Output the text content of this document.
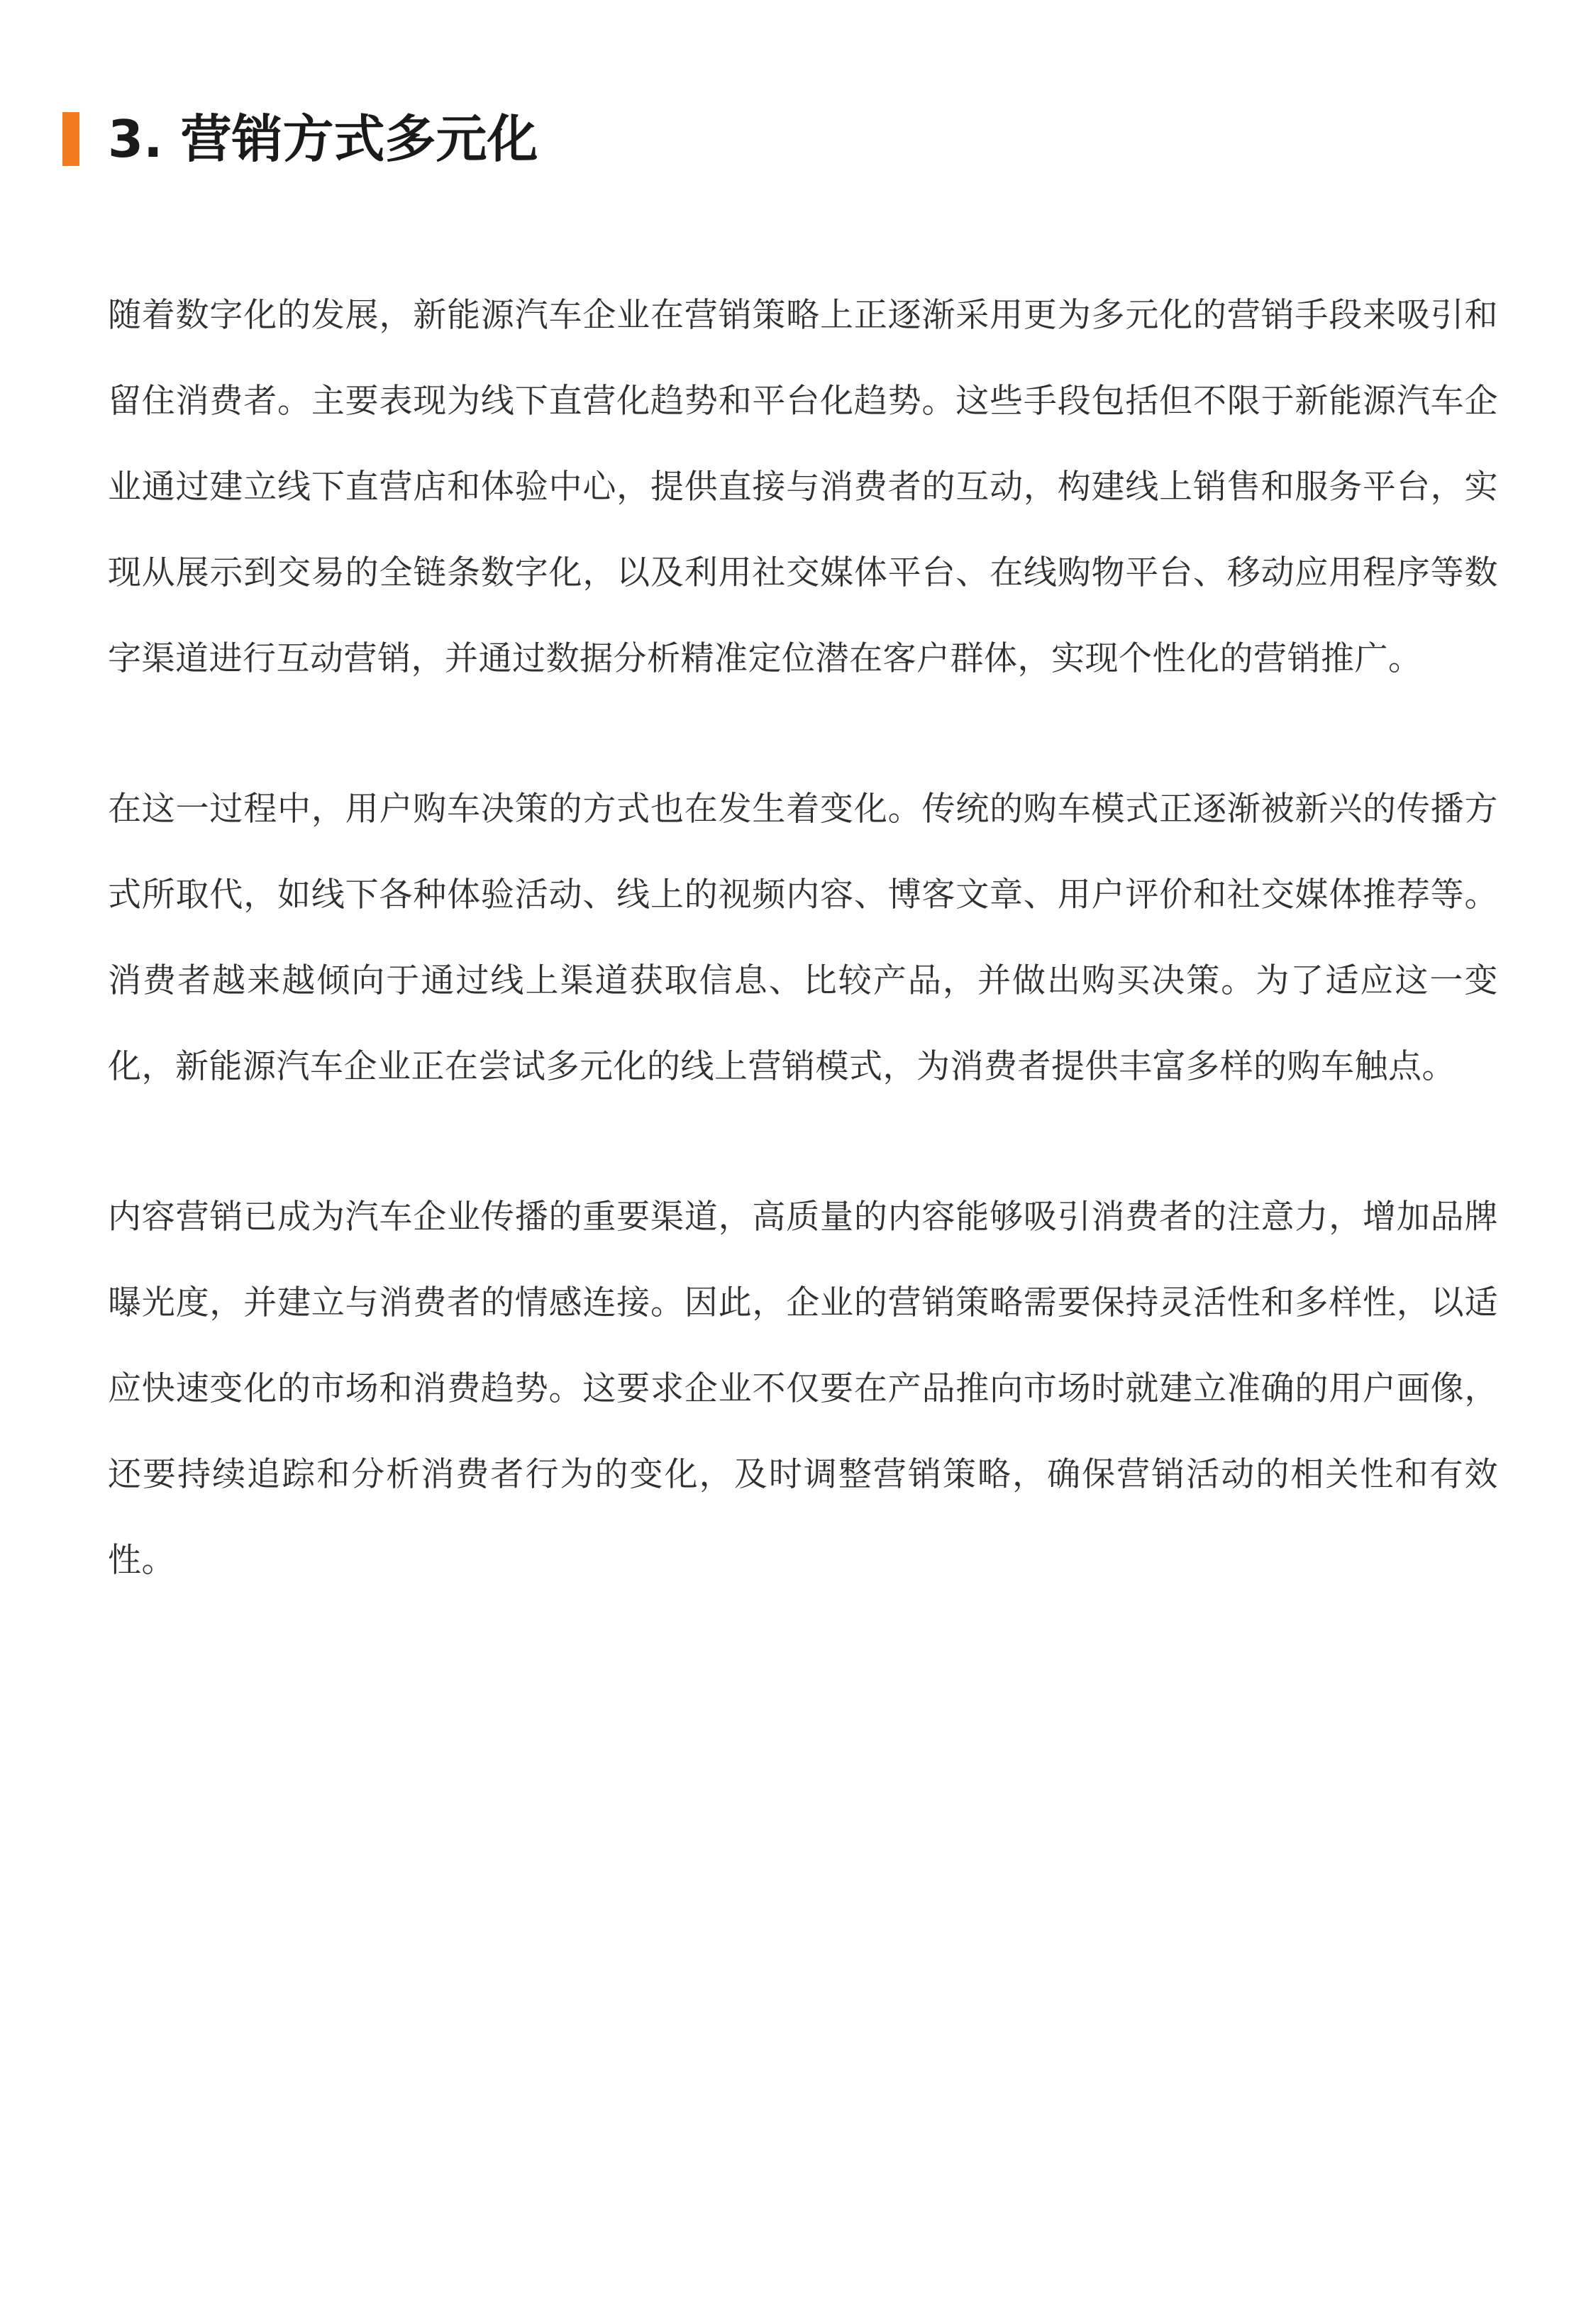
3. 营销方式多元化

随着数字化的发展，新能源汽车企业在营销策略上正逐渐采用更为多元化的营销手段来吸引和留住消费者。主要表现为线下直营化趋势和平台化趋势。这些手段包括但不限于新能源汽车企业通过建立线下直营店和体验中心，提供直接与消费者的互动，构建线上销售和服务平台，实现从展示到交易的全链条数字化，以及利用社交媒体平台、在线购物平台、移动应用程序等数字渠道进行互动营销，并通过数据分析精准定位潜在客户群体，实现个性化的营销推广。

在这一过程中，用户购车决策的方式也在发生着变化。传统的购车模式正逐渐被新兴的传播方式所取代，如线下各种体验活动、线上的视频内容、博客文章、用户评价和社交媒体推荐等。消费者越来越倾向于通过线上渠道获取信息、比较产品，并做出购买决策。为了适应这一变化，新能源汽车企业正在尝试多元化的线上营销模式，为消费者提供丰富多样的购车触点。

内容营销已成为汽车企业传播的重要渠道，高质量的内容能够吸引消费者的注意力，增加品牌曝光度，并建立与消费者的情感连接。因此，企业的营销策略需要保持灵活性和多样性，以适应快速变化的市场和消费趋势。这要求企业不仅要在产品推向市场时就建立准确的用户画像，还要持续追踪和分析消费者行为的变化，及时调整营销策略，确保营销活动的相关性和有效性。
